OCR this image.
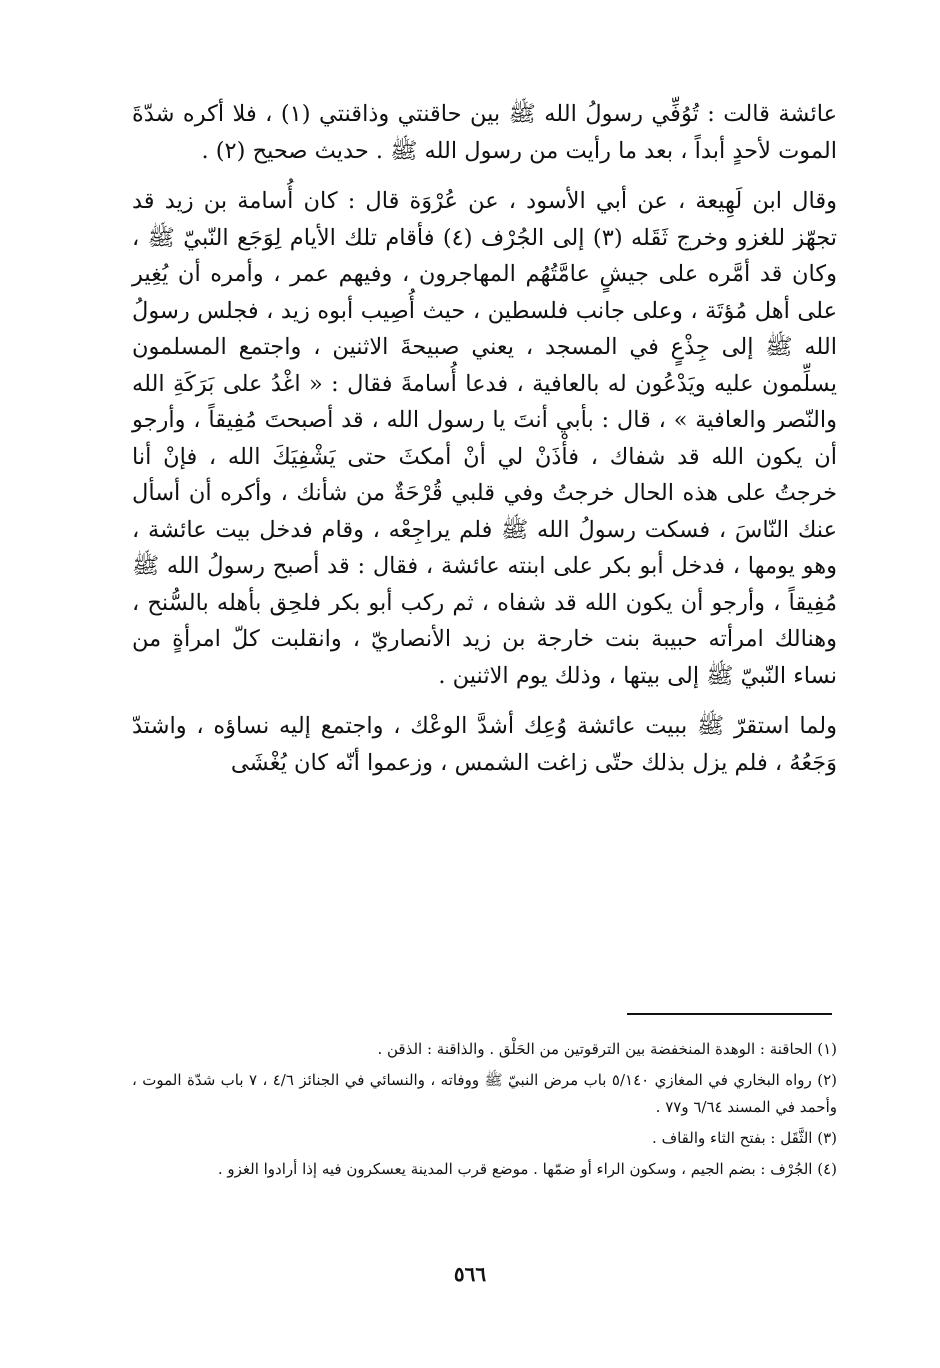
عائشة قالت : تُوُفِّي رسولُ الله ﷺ بين حاقنتي وذاقنتي (١) ، فلا أكره شدّةَ الموت لأحدٍ أبداً ، بعد ما رأيت من رسول الله ﷺ . حديث صحيح (٢) .

وقال ابن لَهِيعة ، عن أبي الأسود ، عن عُرْوَة قال : كان أُسامة بن زيد قد تجهّز للغزو وخرج ثَقَله (٣) إلى الجُرْف (٤) فأقام تلك الأيام لِوَجَع النّبيّ ﷺ ، وكان قد أمَّره على جيشٍ عامَّتُهُم المهاجرون ، وفيهم عمر ، وأمره أن يُغِير على أهل مُؤتَة ، وعلى جانب فلسطين ، حيث أُصِيب أبوه زيد ، فجلس رسولُ الله ﷺ إلى جِذْعٍ في المسجد ، يعني صبيحةَ الاثنين ، واجتمع المسلمون يسلِّمون عليه ويَدْعُون له بالعافية ، فدعا أُسامةَ فقال : « اغْدُ على بَرَكَةِ الله والنّصر والعافية » ، قال : بأبي أنتَ يا رسول الله ، قد أصبحتَ مُفِيقاً ، وأرجو أن يكون الله قد شفاك ، فأْذَنْ لي أنْ أمكثَ حتى يَشْفِيَكَ الله ، فإنْ أنا خرجتُ على هذه الحال خرجتُ وفي قلبي قُرْحَةٌ من شأنك ، وأكره أن أسأل عنك النّاسَ ، فسكت رسولُ الله ﷺ فلم يراجِعْه ، وقام فدخل بيت عائشة ، وهو يومها ، فدخل أبو بكر على ابنته عائشة ، فقال : قد أصبح رسولُ الله ﷺ مُفِيقاً ، وأرجو أن يكون الله قد شفاه ، ثم ركب أبو بكر فلحِق بأهله بالسُّنح ، وهنالك امرأته حبيبة بنت خارجة بن زيد الأنصاريّ ، وانقلبت كلّ امرأةٍ من نساء النّبيّ ﷺ إلى بيتها ، وذلك يوم الاثنين .

ولما استقرّ ﷺ ببيت عائشة وُعِك أشدَّ الوعْك ، واجتمع إليه نساؤه ، واشتدّ وَجَعُهُ ، فلم يزل بذلك حتّى زاغت الشمس ، وزعموا أنّه كان يُغْشَى

(١) الحاقنة : الوهدة المنخفضة بين الترقوتين من الحَلْق . والذاقنة : الذقن .

(٢) رواه البخاري في المغازي ٥/١٤٠ باب مرض النبيّ ﷺ ووفاته ، والنسائي في الجنائز ٤/٦ ، ٧ باب شدّة الموت ، وأحمد في المسند ٦/٦٤ و٧٧ .

(٣) الثَّقَل : بفتح الثاء والقاف .

(٤) الجُرْف : بضم الجيم ، وسكون الراء أو ضمّها . موضع قرب المدينة يعسكرون فيه إذا أرادوا الغزو .

٥٦٦
